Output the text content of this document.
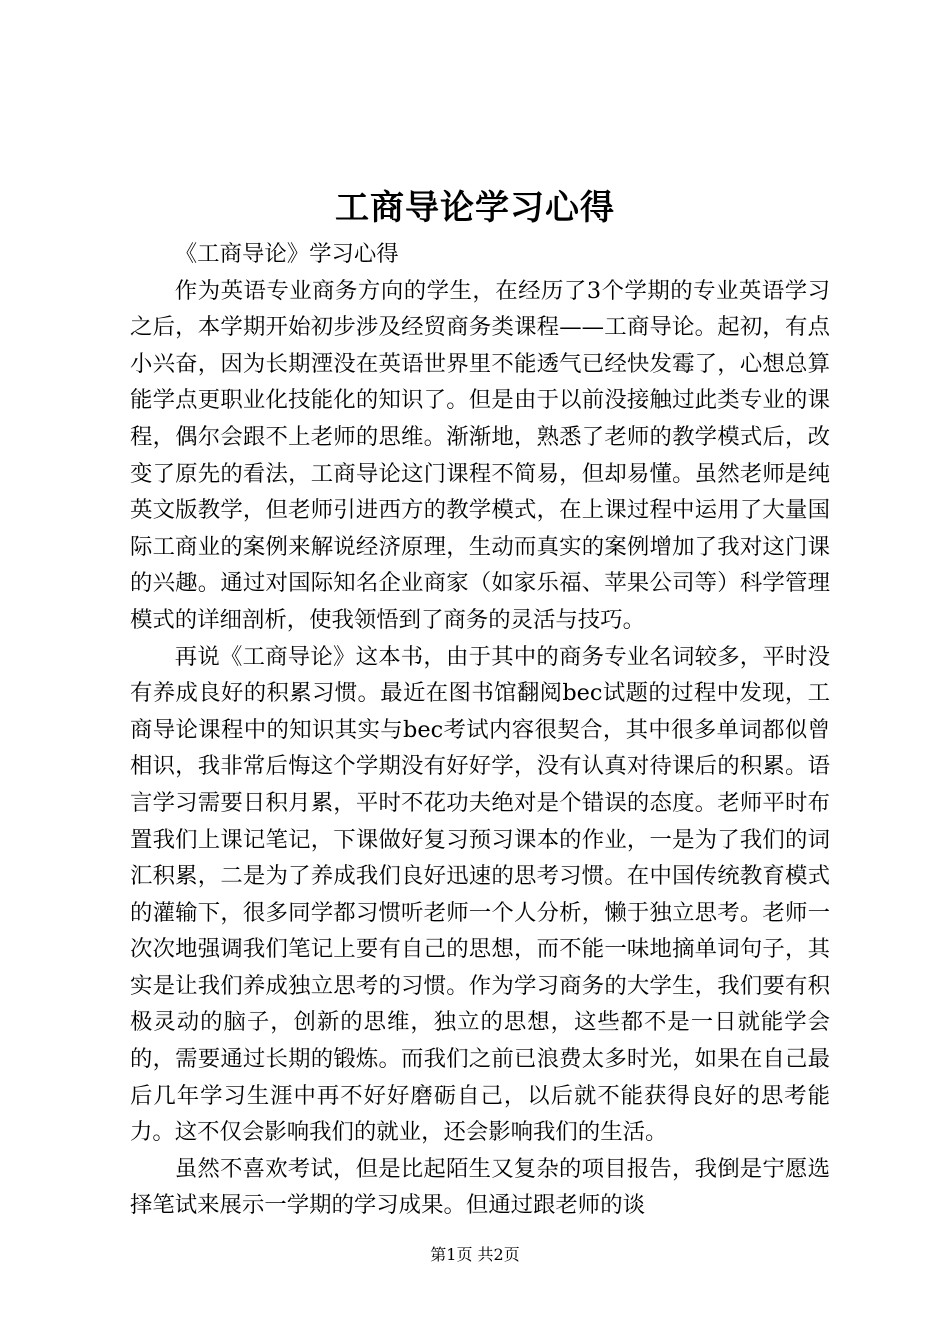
工商导论学习心得

《工商导论》学习心得

作为英语专业商务方向的学生，在经历了3个学期的专业英语学习之后，本学期开始初步涉及经贸商务类课程——工商导论。起初，有点小兴奋，因为长期湮没在英语世界里不能透气已经快发霉了，心想总算能学点更职业化技能化的知识了。但是由于以前没接触过此类专业的课程，偶尔会跟不上老师的思维。渐渐地，熟悉了老师的教学模式后，改变了原先的看法，工商导论这门课程不简易，但却易懂。虽然老师是纯英文版教学，但老师引进西方的教学模式，在上课过程中运用了大量国际工商业的案例来解说经济原理，生动而真实的案例增加了我对这门课的兴趣。通过对国际知名企业商家（如家乐福、苹果公司等）科学管理模式的详细剖析，使我领悟到了商务的灵活与技巧。

再说《工商导论》这本书，由于其中的商务专业名词较多，平时没有养成良好的积累习惯。最近在图书馆翻阅bec试题的过程中发现，工商导论课程中的知识其实与bec考试内容很契合，其中很多单词都似曾相识，我非常后悔这个学期没有好好学，没有认真对待课后的积累。语言学习需要日积月累，平时不花功夫绝对是个错误的态度。老师平时布置我们上课记笔记，下课做好复习预习课本的作业，一是为了我们的词汇积累，二是为了养成我们良好迅速的思考习惯。在中国传统教育模式的灌输下，很多同学都习惯听老师一个人分析，懒于独立思考。老师一次次地强调我们笔记上要有自己的思想，而不能一味地摘单词句子，其实是让我们养成独立思考的习惯。作为学习商务的大学生，我们要有积极灵动的脑子，创新的思维，独立的思想，这些都不是一日就能学会的，需要通过长期的锻炼。而我们之前已浪费太多时光，如果在自己最后几年学习生涯中再不好好磨砺自己，以后就不能获得良好的思考能力。这不仅会影响我们的就业，还会影响我们的生活。

虽然不喜欢考试，但是比起陌生又复杂的项目报告，我倒是宁愿选择笔试来展示一学期的学习成果。但通过跟老师的谈

第1页 共2页
